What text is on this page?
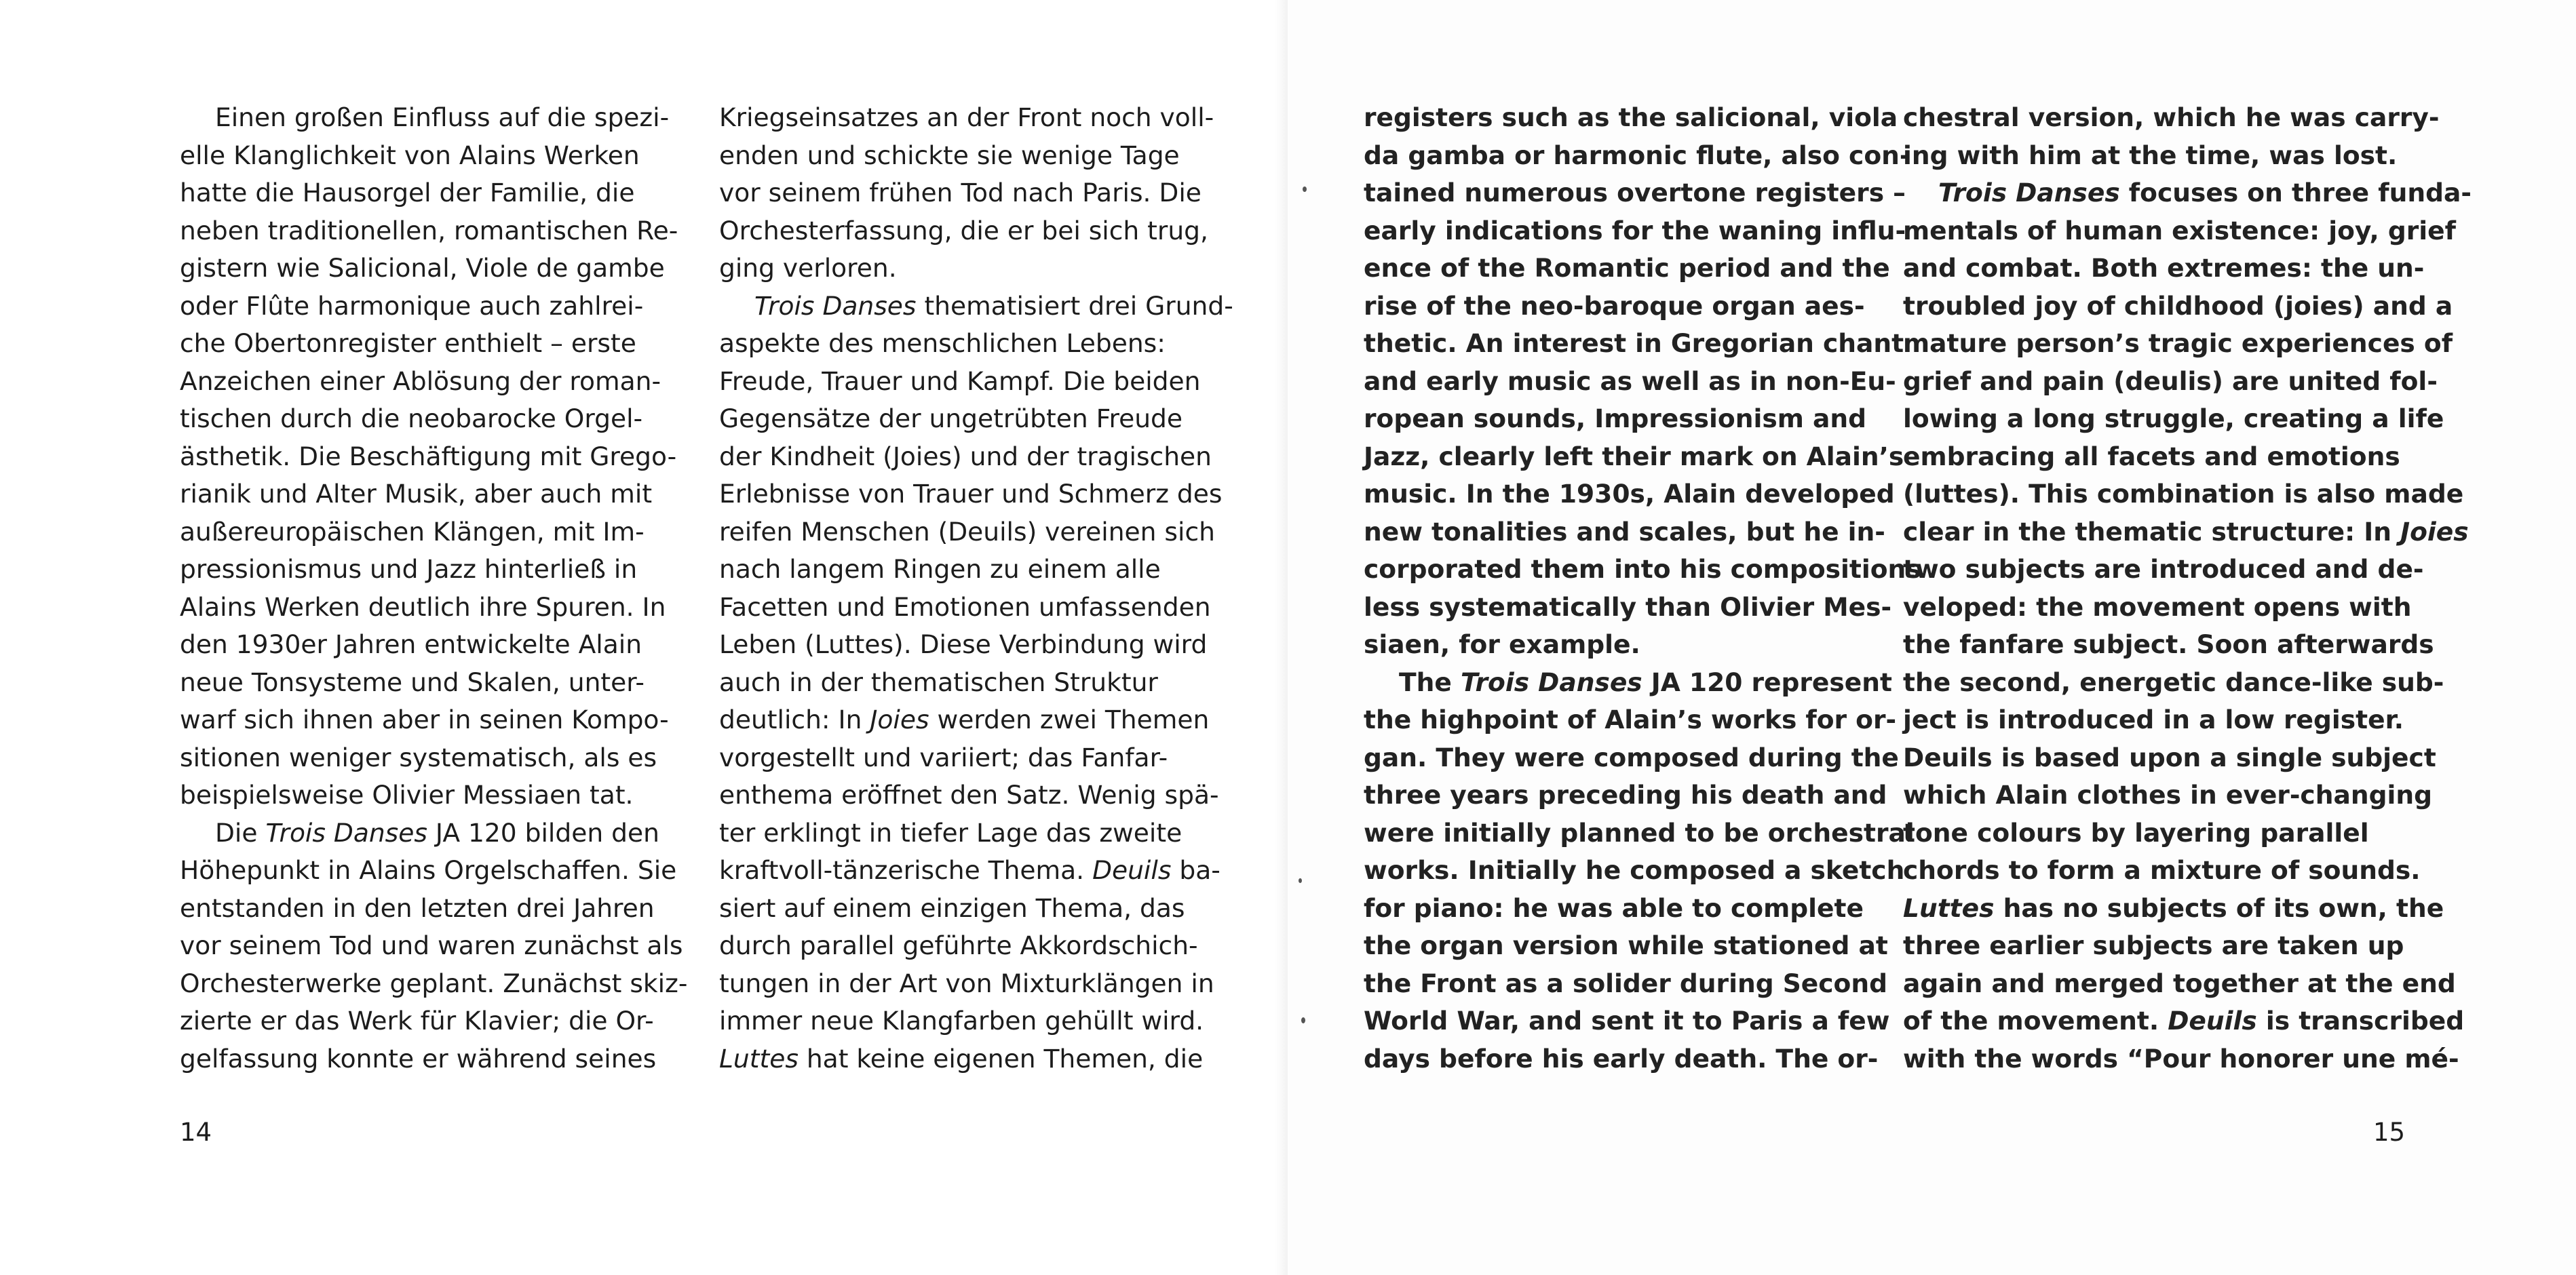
Einen großen Einfluss auf die spezi-
elle Klanglichkeit von Alains Werken
hatte die Hausorgel der Familie, die
neben traditionellen, romantischen Re-
gistern wie Salicional, Viole de gambe
oder Flûte harmonique auch zahlrei-
che Obertonregister enthielt – erste
Anzeichen einer Ablösung der roman-
tischen durch die neobarocke Orgel-
ästhetik. Die Beschäftigung mit Grego-
rianik und Alter Musik, aber auch mit
außereuropäischen Klängen, mit Im-
pressionismus und Jazz hinterließ in
Alains Werken deutlich ihre Spuren. In
den 1930er Jahren entwickelte Alain
neue Tonsysteme und Skalen, unter-
warf sich ihnen aber in seinen Kompo-
sitionen weniger systematisch, als es
beispielsweise Olivier Messiaen tat.
Die Trois Danses JA 120 bilden den
Höhepunkt in Alains Orgelschaffen. Sie
entstanden in den letzten drei Jahren
vor seinem Tod und waren zunächst als
Orchesterwerke geplant. Zunächst skiz-
zierte er das Werk für Klavier; die Or-
gelfassung konnte er während seines
Kriegseinsatzes an der Front noch voll-
enden und schickte sie wenige Tage
vor seinem frühen Tod nach Paris. Die
Orchesterfassung, die er bei sich trug,
ging verloren.
Trois Danses thematisiert drei Grund-
aspekte des menschlichen Lebens:
Freude, Trauer und Kampf. Die beiden
Gegensätze der ungetrübten Freude
der Kindheit (Joies) und der tragischen
Erlebnisse von Trauer und Schmerz des
reifen Menschen (Deuils) vereinen sich
nach langem Ringen zu einem alle
Facetten und Emotionen umfassenden
Leben (Luttes). Diese Verbindung wird
auch in der thematischen Struktur
deutlich: In Joies werden zwei Themen
vorgestellt und variiert; das Fanfar-
enthema eröffnet den Satz. Wenig spä-
ter erklingt in tiefer Lage das zweite
kraftvoll-tänzerische Thema. Deuils ba-
siert auf einem einzigen Thema, das
durch parallel geführte Akkordschich-
tungen in der Art von Mixturklängen in
immer neue Klangfarben gehüllt wird.
Luttes hat keine eigenen Themen, die
14
registers such as the salicional, viola
da gamba or harmonic flute, also con-
tained numerous overtone registers –
early indications for the waning influ-
ence of the Romantic period and the
rise of the neo-baroque organ aes-
thetic. An interest in Gregorian chant
and early music as well as in non-Eu-
ropean sounds, Impressionism and
Jazz, clearly left their mark on Alain’s
music. In the 1930s, Alain developed
new tonalities and scales, but he in-
corporated them into his compositions
less systematically than Olivier Mes-
siaen, for example.
The Trois Danses JA 120 represent
the highpoint of Alain’s works for or-
gan. They were composed during the
three years preceding his death and
were initially planned to be orchestral
works. Initially he composed a sketch
for piano: he was able to complete
the organ version while stationed at
the Front as a solider during Second
World War, and sent it to Paris a few
days before his early death. The or-
chestral version, which he was carry-
ing with him at the time, was lost.
Trois Danses focuses on three funda-
mentals of human existence: joy, grief
and combat. Both extremes: the un-
troubled joy of childhood (joies) and a
mature person’s tragic experiences of
grief and pain (deulis) are united fol-
lowing a long struggle, creating a life
embracing all facets and emotions
(luttes). This combination is also made
clear in the thematic structure: In Joies
two subjects are introduced and de-
veloped: the movement opens with
the fanfare subject. Soon afterwards
the second, energetic dance-like sub-
ject is introduced in a low register.
Deuils is based upon a single subject
which Alain clothes in ever-changing
tone colours by layering parallel
chords to form a mixture of sounds.
Luttes has no subjects of its own, the
three earlier subjects are taken up
again and merged together at the end
of the movement. Deuils is transcribed
with the words “Pour honorer une mé-
15
